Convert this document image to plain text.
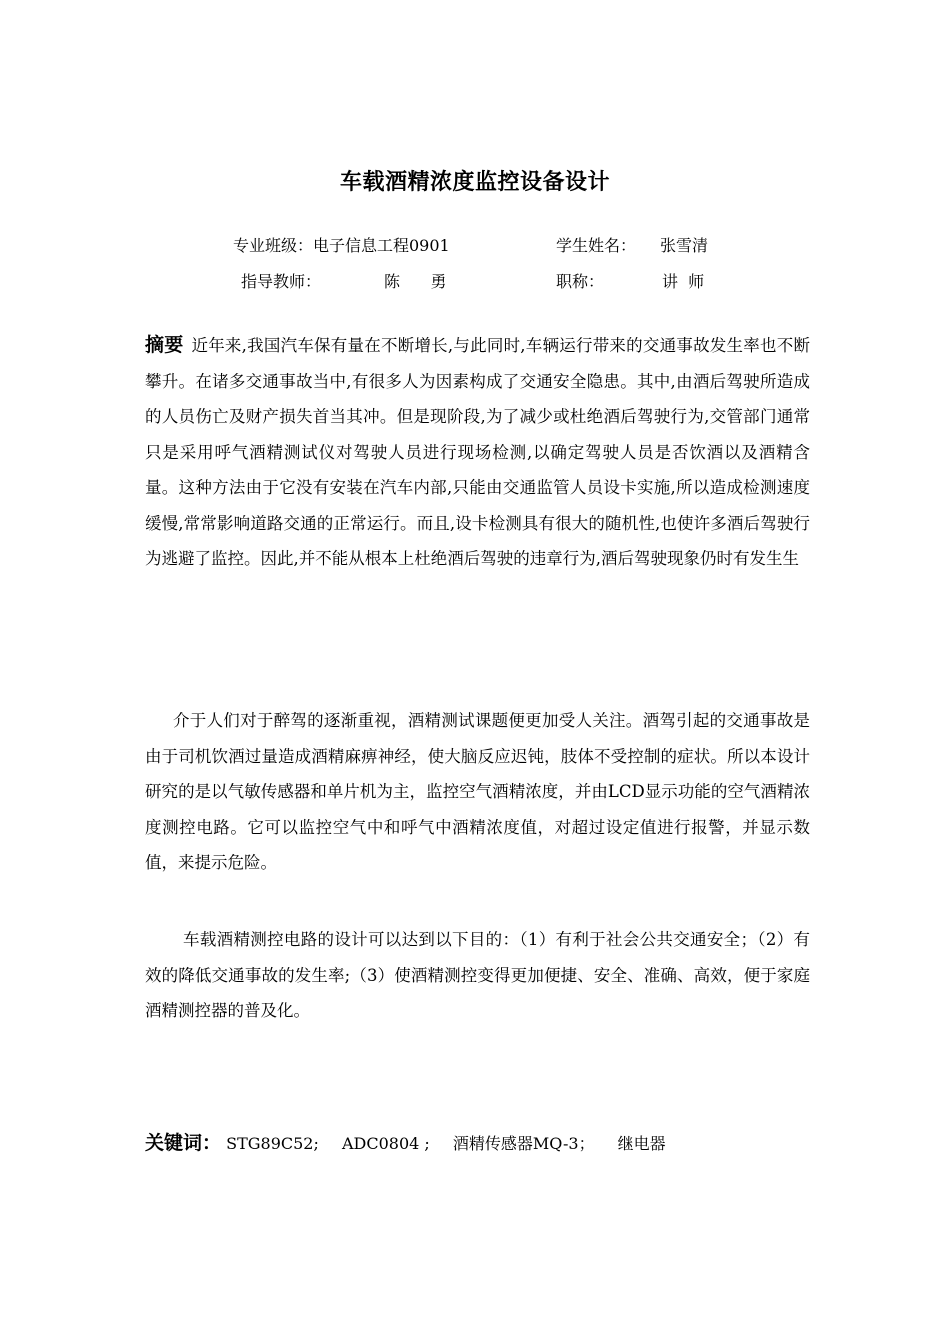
车载酒精浓度监控设备设计
专业班级： 电子信息工程0901	学生姓名： 张雪清
指导教师：	陈      勇	职称：	讲  师
摘要 近年来,我国汽车保有量在不断增长,与此同时,车辆运行带来的交通事故发生率也不断攀升。在诸多交通事故当中,有很多人为因素构成了交通安全隐患。其中,由酒后驾驶所造成的人员伤亡及财产损失首当其冲。但是现阶段,为了减少或杜绝酒后驾驶行为,交管部门通常只是采用呼气酒精测试仪对驾驶人员进行现场检测,以确定驾驶人员是否饮酒以及酒精含量。这种方法由于它没有安装在汽车内部,只能由交通监管人员设卡实施,所以造成检测速度缓慢,常常影响道路交通的正常运行。而且,设卡检测具有很大的随机性,也使许多酒后驾驶行为逃避了监控。因此,并不能从根本上杜绝酒后驾驶的违章行为,酒后驾驶现象仍时有发生生
介于人们对于醉驾的逐渐重视，酒精测试课题便更加受人关注。酒驾引起的交通事故是由于司机饮酒过量造成酒精麻痹神经，使大脑反应迟钝，肢体不受控制的症状。所以本设计研究的是以气敏传感器和单片机为主，监控空气酒精浓度，并由LCD显示功能的空气酒精浓度测控电路。它可以监控空气中和呼气中酒精浓度值，对超过设定值进行报警，并显示数值，来提示危险。
车载酒精测控电路的设计可以达到以下目的：（1）有利于社会公共交通安全；（2）有效的降低交通事故的发生率;（3）使酒精测控变得更加便捷、安全、准确、高效，便于家庭酒精测控器的普及化。
关键词： STG89C52; ADC0804 ; 酒精传感器MQ-3； 继电器
